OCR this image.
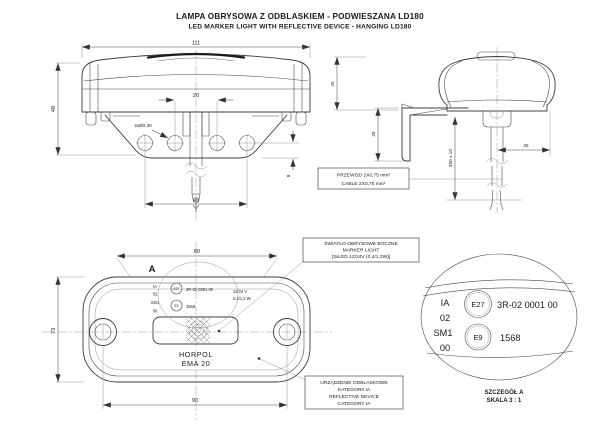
LAMPA OBRYSOWA Z ODBLASKIEM - PODWIESZANA LD180
LED MARKER LIGHT WITH REFLECTIVE DEVICE - HANGING LD180
111
48
20
2xØ2,30
49
8
25
26
450 ± 10
26
PRZEWÓD 2X0,75 mm²
CABLE 2X0,75 mm²
A
IA
02
SM1
00
E27 3R-02 0001 00
E9 1568
12/24 V
0,4/1,2 W
HORPOL
EMA 20
80
73
90
ŚWIATŁO OBRYSOWE BOCZNE
MARKER LIGHT
[3xLED 12/24V (0,4/1,2W)]
URZĄDZENIE ODBLASKOWE
KATEGORII IA
REFLECTIVE DEVICE
CATEGORY IA
IA
02
SM1
00
E27 3R-02 0001 00
E9 1568
SZCZEGÓŁ A
SKALA 3 : 1
